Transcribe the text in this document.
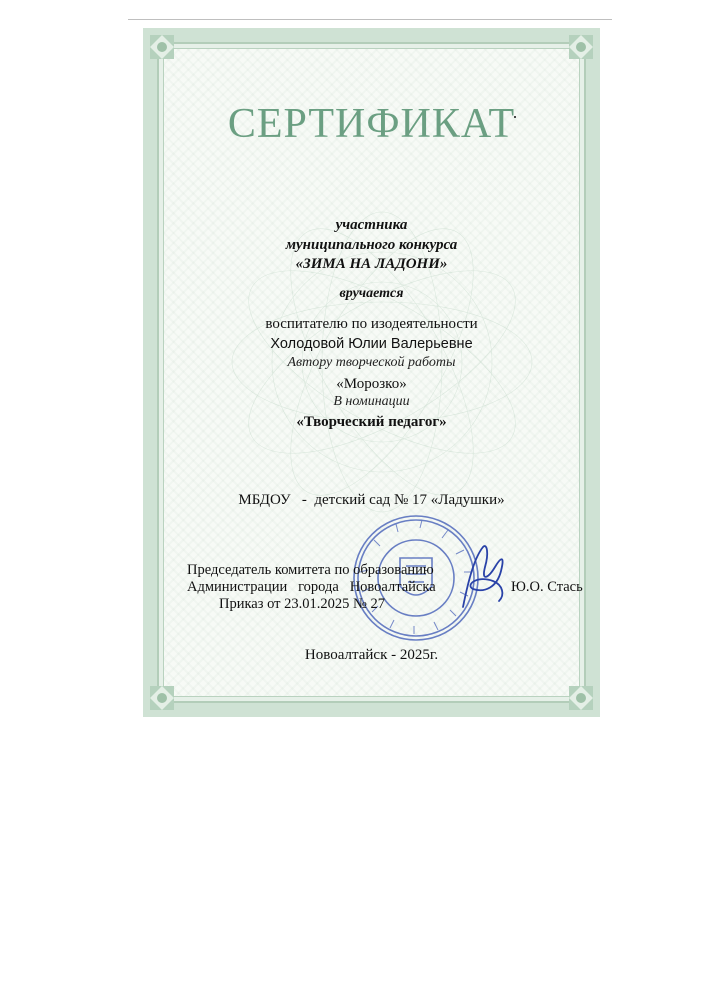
СЕРТИФИКАТ
участника
муниципального конкурса
«ЗИМА НА ЛАДОНИ»
вручается
воспитателю по изодеятельности
Холодовой Юлии Валерьевне
Автору творческой работы
«Морозко»
В номинации
«Творческий педагог»
МБДОУ   -  детский сад № 17 «Ладушки»
Председатель комитета по образованию
Администрации   города   Новоалтайска
Приказ от 23.01.2025 № 27
Ю.О. Стась
Новоалтайск - 2025г.
